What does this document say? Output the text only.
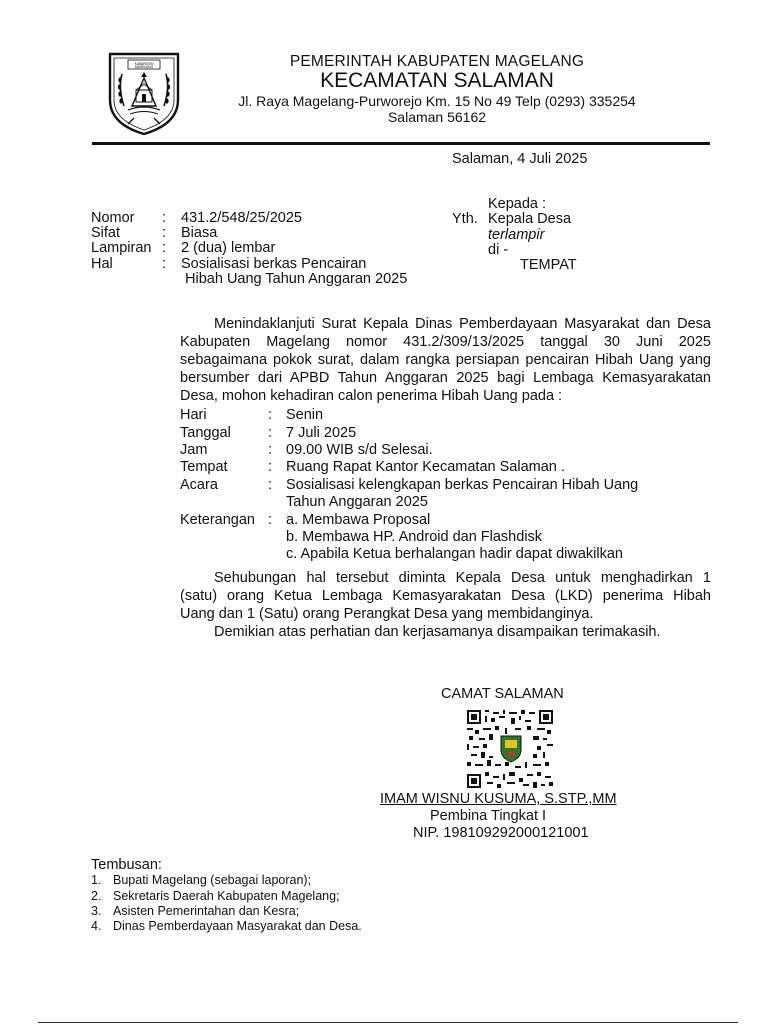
KABUPATEN
MAGELANG	PEMERINTAH KABUPATEN MAGELANG
KECAMATAN SALAMAN
Jl. Raya Magelang-Purworejo Km. 15 No 49 Telp (0293) 335254
Salaman 56162
Salaman, 4 Juli 2025
Kepada :
Yth. Kepala Desa
terlampir
di -
TEMPAT
Nomor : 431.2/548/25/2025
Sifat	: Biasa
Lampiran : 2 (dua) lembar
Hal	: Sosialisasi berkas Pencairan
Hibah Uang Tahun Anggaran 2025
Menindaklanjuti Surat Kepala Dinas Pemberdayaan Masyarakat dan Desa
Kabupaten Magelang nomor 431.2/309/13/2025 tanggal 30 Juni 2025
sebagaimana pokok surat, dalam rangka persiapan pencairan Hibah Uang yang
bersumber dari APBD Tahun Anggaran 2025 bagi Lembaga Kemasyarakatan
Desa, mohon kehadiran calon penerima Hibah Uang pada :
Hari	: Senin
Tanggal	: 7 Juli 2025
Jam	: 09.00 WIB s/d Selesai.
Tempat	: Ruang Rapat Kantor Kecamatan Salaman .
Acara	: Sosialisasi kelengkapan berkas Pencairan Hibah Uang
Tahun Anggaran 2025
Keterangan : a. Membawa Proposal
b. Membawa HP. Android dan Flashdisk
c. Apabila Ketua berhalangan hadir dapat diwakilkan
Sehubungan hal tersebut diminta Kepala Desa untuk menghadirkan 1
(satu) orang Ketua Lembaga Kemasyarakatan Desa (LKD) penerima Hibah
Uang dan 1 (Satu) orang Perangkat Desa yang membidanginya.
Demikian atas perhatian dan kerjasamanya disampaikan terimakasih.
CAMAT SALAMAN
IMAM WISNU KUSUMA, S.STP.,MM
Pembina Tingkat I
NIP. 198109292000121001
Tembusan:
1. Bupati Magelang (sebagai laporan);
2. Sekretaris Daerah Kabupaten Magelang;
3. Asisten Pemerintahan dan Kesra;
4. Dinas Pemberdayaan Masyarakat dan Desa.
